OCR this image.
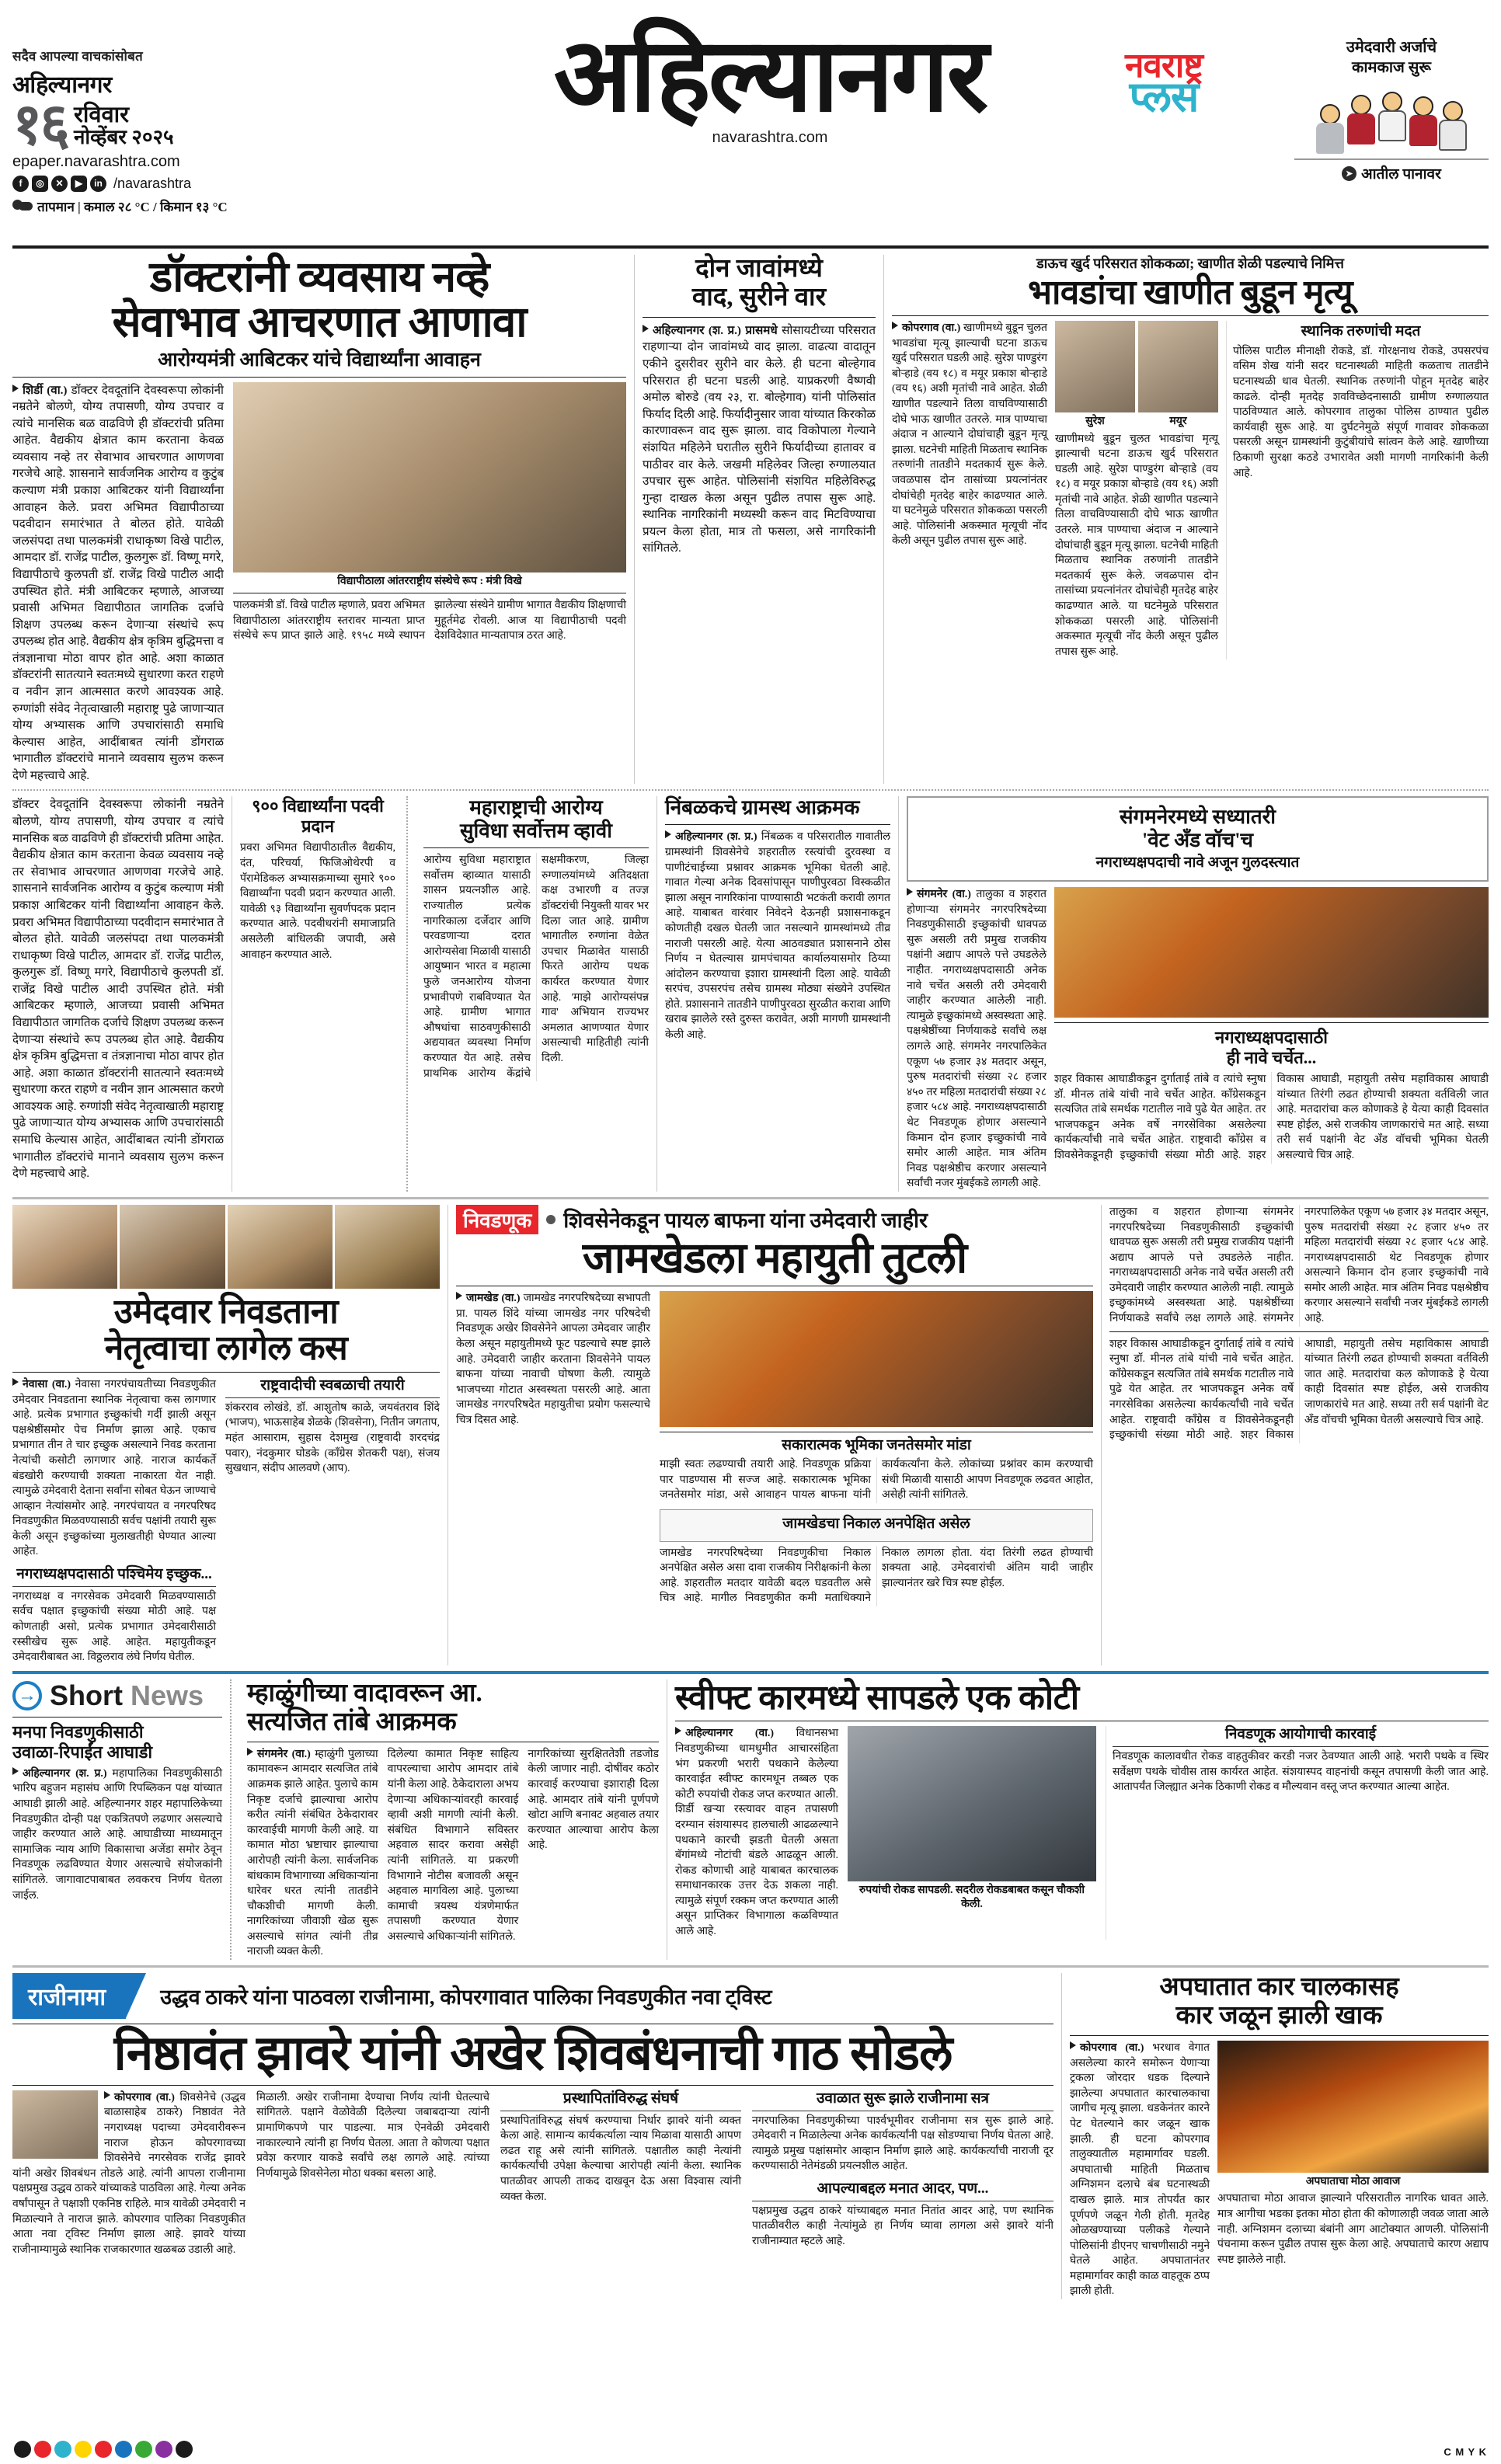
सदैव आपल्या वाचकांसोबत
अहिल्यानगर
१६ रविवार
नोव्हेंबर २०२५
epaper.navarashtra.com
f	◎	✕	▶	in /navarashtra
तापमान | कमाल २८ °C / किमान १३ °C
अहिल्यानगर	नवराष्ट्र
प्लस
navarashtra.com
उमेदवारी अर्जाचे
कामकाज सुरू
➤ आतील पानावर
डॉक्टरांनी व्यवसाय नव्हे
सेवाभाव आचरणात आणावा
आरोग्यमंत्री आबिटकर यांचे विद्यार्थ्यांना आवाहन
शिर्डी (वा.) डॉक्टर देवदूतांनि देवस्वरूपा लोकांनी नम्रतेने बोलणे, योग्य तपासणी, योग्य उपचार व त्यांचे मानसिक बळ वाढविणे ही डॉक्टरांची प्रतिमा आहेत. वैद्यकीय क्षेत्रात काम करताना केवळ व्यवसाय नव्हे तर सेवाभाव आचरणात आणणवा गरजेचे आहे. शासनाने सार्वजनिक आरोग्य व कुटुंब कल्याण मंत्री प्रकाश आबिटकर यांनी विद्यार्थ्यांना आवाहन केले. प्रवरा अभिमत विद्यापीठाच्या पदवीदान समारंभात ते बोलत होते. यावेळी जलसंपदा तथा पालकमंत्री राधाकृष्ण विखे पाटील, आमदार डॉ. राजेंद्र पाटील, कुलगुरू डॉ. विष्णू मगरे, विद्यापीठाचे कुलपती डॉ. राजेंद्र विखे पाटील आदी उपस्थित होते. मंत्री आबिटकर म्हणाले, आजच्या प्रवासी अभिमत विद्यापीठात जागतिक दर्जाचे शिक्षण उपलब्ध करून देणाऱ्या संस्थांचे रूप उपलब्ध होत आहे. वैद्यकीय क्षेत्र कृत्रिम बुद्धिमत्ता व तंत्रज्ञानाचा मोठा वापर होत आहे. अशा काळात डॉक्टरांनी सातत्याने स्वतःमध्ये सुधारणा करत राहणे व नवीन ज्ञान आत्मसात करणे आवश्यक आहे. रुग्णांशी संवेद नेतृत्वाखाली महाराष्ट्र पुढे जाणाऱ्यात योग्य अभ्यासक आणि उपचारांसाठी समाधि केल्यास आहेत, आदींबाबत त्यांनी डोंगराळ भागातील डॉक्टरांचे मानाने व्यवसाय सुलभ करून देणे महत्त्वाचे आहे.
विद्यापीठाला आंतरराष्ट्रीय संस्थेचे रूप : मंत्री विखे
पालकमंत्री डॉ. विखे पाटील म्हणाले, प्रवरा अभिमत विद्यापीठाला आंतरराष्ट्रीय स्तरावर मान्यता प्राप्त संस्थेचे रूप प्राप्त झाले आहे. १९५८ मध्ये स्थापन झालेल्या संस्थेने ग्रामीण भागात वैद्यकीय शिक्षणाची मुहूर्तमेढ रोवली. आज या विद्यापीठाची पदवी देशविदेशात मान्यतापात्र ठरत आहे.
दोन जावांमध्ये
वाद, सुरीने वार
अहिल्यानगर (श. प्र.) प्रासमधे सोसायटीच्या परिसरात राहणाऱ्या दोन जावांमध्ये वाद झाला. वाढत्या वादातून एकीने दुसरीवर सुरीने वार केले. ही घटना बोल्हेगाव परिसरात ही घटना घडली आहे. याप्रकरणी वैष्णवी अमोल बोरुडे (वय २३, रा. बोल्हेगाव) यांनी पोलिसांत फिर्याद दिली आहे. फिर्यादीनुसार जावा यांच्यात किरकोळ कारणावरून वाद सुरू झाला. वाद विकोपाला गेल्याने संशयित महिलेने घरातील सुरीने फिर्यादीच्या हातावर व पाठीवर वार केले. जखमी महिलेवर जिल्हा रुग्णालयात उपचार सुरू आहेत. पोलिसांनी संशयित महिलेविरुद्ध गुन्हा दाखल केला असून पुढील तपास सुरू आहे. स्थानिक नागरिकांनी मध्यस्थी करून वाद मिटविण्याचा प्रयत्न केला होता, मात्र तो फसला, असे नागरिकांनी सांगितले.
डाऊच खुर्द परिसरात शोककळा; खाणीत शेळी पडल्याचे निमित्त
भावडांचा खाणीत बुडून मृत्यू
कोपरगाव (वा.) खाणीमध्ये बुडून चुलत भावडांचा मृत्यू झाल्याची घटना डाऊच खुर्द परिसरात घडली आहे. सुरेश पाण्डुरंग बोऱ्हाडे (वय १८) व मयूर प्रकाश बोऱ्हाडे (वय १६) अशी मृतांची नावे आहेत. शेळी खाणीत पडल्याने तिला वाचविण्यासाठी दोघे भाऊ खाणीत उतरले. मात्र पाण्याचा अंदाज न आल्याने दोघांचाही बुडून मृत्यू झाला. घटनेची माहिती मिळताच स्थानिक तरुणांनी तातडीने मदतकार्य सुरू केले. जवळपास दोन तासांच्या प्रयत्नांनंतर दोघांचेही मृतदेह बाहेर काढण्यात आले. या घटनेमुळे परिसरात शोककळा पसरली आहे. पोलिसांनी अकस्मात मृत्यूची नोंद केली असून पुढील तपास सुरू आहे.
सुरेश	मयूर
खाणीमध्ये बुडून चुलत भावडांचा मृत्यू झाल्याची घटना डाऊच खुर्द परिसरात घडली आहे. सुरेश पाण्डुरंग बोऱ्हाडे (वय १८) व मयूर प्रकाश बोऱ्हाडे (वय १६) अशी मृतांची नावे आहेत. शेळी खाणीत पडल्याने तिला वाचविण्यासाठी दोघे भाऊ खाणीत उतरले. मात्र पाण्याचा अंदाज न आल्याने दोघांचाही बुडून मृत्यू झाला. घटनेची माहिती मिळताच स्थानिक तरुणांनी तातडीने मदतकार्य सुरू केले. जवळपास दोन तासांच्या प्रयत्नांनंतर दोघांचेही मृतदेह बाहेर काढण्यात आले. या घटनेमुळे परिसरात शोककळा पसरली आहे. पोलिसांनी अकस्मात मृत्यूची नोंद केली असून पुढील तपास सुरू आहे.
स्थानिक तरुणांची मदत
पोलिस पाटील मीनाक्षी रोकडे, डॉ. गोरक्षनाथ रोकडे, उपसरपंच वसिम शेख यांनी सदर घटनास्थळी माहिती कळताच तातडीने घटनास्थळी धाव घेतली. स्थानिक तरुणांनी पोहून मृतदेह बाहेर काढले. दोन्ही मृतदेह शवविच्छेदनासाठी ग्रामीण रुग्णालयात पाठविण्यात आले. कोपरगाव तालुका पोलिस ठाण्यात पुढील कार्यवाही सुरू आहे. या दुर्घटनेमुळे संपूर्ण गावावर शोककळा पसरली असून ग्रामस्थांनी कुटुंबीयांचे सांत्वन केले आहे. खाणीच्या ठिकाणी सुरक्षा कठडे उभारावेत अशी मागणी नागरिकांनी केली आहे.
डॉक्टर देवदूतांनि देवस्वरूपा लोकांनी नम्रतेने बोलणे, योग्य तपासणी, योग्य उपचार व त्यांचे मानसिक बळ वाढविणे ही डॉक्टरांची प्रतिमा आहेत. वैद्यकीय क्षेत्रात काम करताना केवळ व्यवसाय नव्हे तर सेवाभाव आचरणात आणणवा गरजेचे आहे. शासनाने सार्वजनिक आरोग्य व कुटुंब कल्याण मंत्री प्रकाश आबिटकर यांनी विद्यार्थ्यांना आवाहन केले. प्रवरा अभिमत विद्यापीठाच्या पदवीदान समारंभात ते बोलत होते. यावेळी जलसंपदा तथा पालकमंत्री राधाकृष्ण विखे पाटील, आमदार डॉ. राजेंद्र पाटील, कुलगुरू डॉ. विष्णू मगरे, विद्यापीठाचे कुलपती डॉ. राजेंद्र विखे पाटील आदी उपस्थित होते. मंत्री आबिटकर म्हणाले, आजच्या प्रवासी अभिमत विद्यापीठात जागतिक दर्जाचे शिक्षण उपलब्ध करून देणाऱ्या संस्थांचे रूप उपलब्ध होत आहे. वैद्यकीय क्षेत्र कृत्रिम बुद्धिमत्ता व तंत्रज्ञानाचा मोठा वापर होत आहे. अशा काळात डॉक्टरांनी सातत्याने स्वतःमध्ये सुधारणा करत राहणे व नवीन ज्ञान आत्मसात करणे आवश्यक आहे. रुग्णांशी संवेद नेतृत्वाखाली महाराष्ट्र पुढे जाणाऱ्यात योग्य अभ्यासक आणि उपचारांसाठी समाधि केल्यास आहेत, आदींबाबत त्यांनी डोंगराळ भागातील डॉक्टरांचे मानाने व्यवसाय सुलभ करून देणे महत्त्वाचे आहे.
९०० विद्यार्थ्यांना पदवी प्रदान
प्रवरा अभिमत विद्यापीठातील वैद्यकीय, दंत, परिचर्या, फिजिओथेरपी व पॅरामेडिकल अभ्यासक्रमाच्या सुमारे ९०० विद्यार्थ्यांना पदवी प्रदान करण्यात आली. यावेळी ९३ विद्यार्थ्यांना सुवर्णपदक प्रदान करण्यात आले. पदवीधरांनी समाजाप्रति असलेली बांधिलकी जपावी, असे आवाहन करण्यात आले.
महाराष्ट्राची आरोग्य
सुविधा सर्वोत्तम व्हावी
आरोग्य सुविधा महाराष्ट्रात सर्वोत्तम व्हाव्यात यासाठी शासन प्रयत्नशील आहे. राज्यातील प्रत्येक नागरिकाला दर्जेदार आणि परवडणाऱ्या दरात आरोग्यसेवा मिळावी यासाठी आयुष्मान भारत व महात्मा फुले जनआरोग्य योजना प्रभावीपणे राबविण्यात येत आहे. ग्रामीण भागात औषधांचा साठवणुकीसाठी अद्ययावत व्यवस्था निर्माण करण्यात येत आहे. तसेच प्राथमिक आरोग्य केंद्रांचे सक्षमीकरण, जिल्हा रुग्णालयांमध्ये अतिदक्षता कक्ष उभारणी व तज्ज्ञ डॉक्टरांची नियुक्ती यावर भर दिला जात आहे. ग्रामीण भागातील रुग्णांना वेळेत उपचार मिळावेत यासाठी फिरते आरोग्य पथक कार्यरत करण्यात येणार आहे. 'माझे आरोग्यसंपन्न गाव' अभियान राज्यभर अमलात आणण्यात येणार असल्याची माहितीही त्यांनी दिली.
निंबळकचे ग्रामस्थ आक्रमक
अहिल्यानगर (श. प्र.) निंबळक व परिसरातील गावातील ग्रामस्थांनी शिवसेनेचे शहरातील रस्त्यांची दुरवस्था व पाणीटंचाईच्या प्रश्नावर आक्रमक भूमिका घेतली आहे. गावात गेल्या अनेक दिवसांपासून पाणीपुरवठा विस्कळीत झाला असून नागरिकांना पाण्यासाठी भटकंती करावी लागत आहे. याबाबत वारंवार निवेदने देऊनही प्रशासनाकडून कोणतीही दखल घेतली जात नसल्याने ग्रामस्थांमध्ये तीव्र नाराजी पसरली आहे. येत्या आठवड्यात प्रशासनाने ठोस निर्णय न घेतल्यास ग्रामपंचायत कार्यालयासमोर ठिय्या आंदोलन करण्याचा इशारा ग्रामस्थांनी दिला आहे. यावेळी सरपंच, उपसरपंच तसेच ग्रामस्थ मोठ्या संख्येने उपस्थित होते. प्रशासनाने तातडीने पाणीपुरवठा सुरळीत करावा आणि खराब झालेले रस्ते दुरुस्त करावेत, अशी मागणी ग्रामस्थांनी केली आहे.
संगमनेरमध्ये सध्यातरी
'वेट अँड वॉच'च
नगराध्यक्षपदाची नावे अजून गुलदस्त्यात
संगमनेर (वा.) तालुका व शहरात होणाऱ्या संगमनेर नगरपरिषदेच्या निवडणुकीसाठी इच्छुकांची धावपळ सुरू असली तरी प्रमुख राजकीय पक्षांनी अद्याप आपले पत्ते उघडलेले नाहीत. नगराध्यक्षपदासाठी अनेक नावे चर्चेत असली तरी उमेदवारी जाहीर करण्यात आलेली नाही. त्यामुळे इच्छुकांमध्ये अस्वस्थता आहे. पक्षश्रेष्ठींच्या निर्णयाकडे सर्वांचे लक्ष लागले आहे. संगमनेर नगरपालिकेत एकूण ५७ हजार ३४ मतदार असून, पुरुष मतदारांची संख्या २८ हजार ४५० तर महिला मतदारांची संख्या २८ हजार ५८४ आहे. नगराध्यक्षपदासाठी थेट निवडणूक होणार असल्याने किमान दोन हजार इच्छुकांची नावे समोर आली आहेत. मात्र अंतिम निवड पक्षश्रेष्ठीच करणार असल्याने सर्वांची नजर मुंबईकडे लागली आहे.
नगराध्यक्षपदासाठी
ही नावे चर्चेत...
शहर विकास आघाडीकडून दुर्गाताई तांबे व त्यांचे स्नुषा डॉ. मीनल तांबे यांची नावे चर्चेत आहेत. काँग्रेसकडून सत्यजित तांबे समर्थक गटातील नावे पुढे येत आहेत. तर भाजपकडून अनेक वर्षे नगरसेविका असलेल्या कार्यकर्त्यांची नावे चर्चेत आहेत. राष्ट्रवादी काँग्रेस व शिवसेनेकडूनही इच्छुकांची संख्या मोठी आहे. शहर विकास आघाडी, महायुती तसेच महाविकास आघाडी यांच्यात तिरंगी लढत होण्याची शक्यता वर्तविली जात आहे. मतदारांचा कल कोणाकडे हे येत्या काही दिवसांत स्पष्ट होईल, असे राजकीय जाणकारांचे मत आहे. सध्या तरी सर्व पक्षांनी वेट अँड वॉचची भूमिका घेतली असल्याचे चित्र आहे.
उमेदवार निवडताना
नेतृत्वाचा लागेल कस
नेवासा (वा.) नेवासा नगरपंचायतीच्या निवडणुकीत उमेदवार निवडताना स्थानिक नेतृत्वाचा कस लागणार आहे. प्रत्येक प्रभागात इच्छुकांची गर्दी झाली असून पक्षश्रेष्ठींसमोर पेच निर्माण झाला आहे. एकाच प्रभागात तीन ते चार इच्छुक असल्याने निवड करताना नेत्यांची कसोटी लागणार आहे. नाराज कार्यकर्ते बंडखोरी करण्याची शक्यता नाकारता येत नाही. त्यामुळे उमेदवारी देताना सर्वांना सोबत घेऊन जाण्याचे आव्हान नेत्यांसमोर आहे. नगरपंचायत व नगरपरिषद निवडणुकीत मिळवण्यासाठी सर्वच पक्षांनी तयारी सुरू केली असून इच्छुकांच्या मुलाखतीही घेण्यात आल्या आहेत.
नगराध्यक्षपदासाठी पश्चिमेय इच्छुक...
नगराध्यक्ष व नगरसेवक उमेदवारी मिळवण्यासाठी सर्वच पक्षात इच्छुकांची संख्या मोठी आहे. पक्ष कोणताही असो, प्रत्येक प्रभागात उमेदवारीसाठी रस्सीखेच सुरू आहे. आहेत. महायुतीकडून उमेदवारीबाबत आ. विठ्ठलराव लंघे निर्णय घेतील.
राष्ट्रवादीची स्वबळाची तयारी
शंकरराव लोखंडे, डॉ. आशुतोष काळे, जयवंतराव शिंदे (भाजप), भाऊसाहेब शेळके (शिवसेना), नितीन जगताप, महंत आसाराम, सुहास देशमुख (राष्ट्रवादी शरदचंद्र पवार), नंदकुमार घोडके (काँग्रेस शेतकरी पक्ष), संजय सुखधान, संदीप आलवणे (आप).
निवडणूक	शिवसेनेकडून पायल बाफना यांना उमेदवारी जाहीर
जामखेडला महायुती तुटली
जामखेड (वा.) जामखेड नगरपरिषदेच्या सभापती प्रा. पायल शिंदे यांच्या जामखेड नगर परिषदेची निवडणूक अखेर शिवसेनेने आपला उमेदवार जाहीर केला असून महायुतीमध्ये फूट पडल्याचे स्पष्ट झाले आहे. उमेदवारी जाहीर करताना शिवसेनेने पायल बाफना यांच्या नावाची घोषणा केली. त्यामुळे भाजपच्या गोटात अस्वस्थता पसरली आहे. आता जामखेड नगरपरिषदेत महायुतीचा प्रयोग फसल्याचे चित्र दिसत आहे.
सकारात्मक भूमिका जनतेसमोर मांडा
माझी स्वतः लढण्याची तयारी आहे. निवडणूक प्रक्रिया पार पाडण्यास मी सज्ज आहे. सकारात्मक भूमिका जनतेसमोर मांडा, असे आवाहन पायल बाफना यांनी कार्यकर्त्यांना केले. लोकांच्या प्रश्नांवर काम करण्याची संधी मिळावी यासाठी आपण निवडणूक लढवत आहोत, असेही त्यांनी सांगितले.
जामखेडचा निकाल अनपेक्षित असेल
जामखेड नगरपरिषदेच्या निवडणुकीचा निकाल अनपेक्षित असेल असा दावा राजकीय निरीक्षकांनी केला आहे. शहरातील मतदार यावेळी बदल घडवतील असे चित्र आहे. मागील निवडणुकीत कमी मताधिक्याने निकाल लागला होता. यंदा तिरंगी लढत होण्याची शक्यता आहे. उमेदवारांची अंतिम यादी जाहीर झाल्यानंतर खरे चित्र स्पष्ट होईल.
तालुका व शहरात होणाऱ्या संगमनेर नगरपरिषदेच्या निवडणुकीसाठी इच्छुकांची धावपळ सुरू असली तरी प्रमुख राजकीय पक्षांनी अद्याप आपले पत्ते उघडलेले नाहीत. नगराध्यक्षपदासाठी अनेक नावे चर्चेत असली तरी उमेदवारी जाहीर करण्यात आलेली नाही. त्यामुळे इच्छुकांमध्ये अस्वस्थता आहे. पक्षश्रेष्ठींच्या निर्णयाकडे सर्वांचे लक्ष लागले आहे. संगमनेर नगरपालिकेत एकूण ५७ हजार ३४ मतदार असून, पुरुष मतदारांची संख्या २८ हजार ४५० तर महिला मतदारांची संख्या २८ हजार ५८४ आहे. नगराध्यक्षपदासाठी थेट निवडणूक होणार असल्याने किमान दोन हजार इच्छुकांची नावे समोर आली आहेत. मात्र अंतिम निवड पक्षश्रेष्ठीच करणार असल्याने सर्वांची नजर मुंबईकडे लागली आहे.
शहर विकास आघाडीकडून दुर्गाताई तांबे व त्यांचे स्नुषा डॉ. मीनल तांबे यांची नावे चर्चेत आहेत. काँग्रेसकडून सत्यजित तांबे समर्थक गटातील नावे पुढे येत आहेत. तर भाजपकडून अनेक वर्षे नगरसेविका असलेल्या कार्यकर्त्यांची नावे चर्चेत आहेत. राष्ट्रवादी काँग्रेस व शिवसेनेकडूनही इच्छुकांची संख्या मोठी आहे. शहर विकास आघाडी, महायुती तसेच महाविकास आघाडी यांच्यात तिरंगी लढत होण्याची शक्यता वर्तविली जात आहे. मतदारांचा कल कोणाकडे हे येत्या काही दिवसांत स्पष्ट होईल, असे राजकीय जाणकारांचे मत आहे. सध्या तरी सर्व पक्षांनी वेट अँड वॉचची भूमिका घेतली असल्याचे चित्र आहे.
→ Short News
मनपा निवडणुकीसाठी
उवाळा-रिपाईंत आघाडी
अहिल्यानगर (श. प्र.) महापालिका निवडणुकीसाठी भारिप बहुजन महासंघ आणि रिपब्लिकन पक्ष यांच्यात आघाडी झाली आहे. अहिल्यानगर शहर महापालिकेच्या निवडणुकीत दोन्ही पक्ष एकत्रितपणे लढणार असल्याचे जाहीर करण्यात आले आहे. आघाडीच्या माध्यमातून सामाजिक न्याय आणि विकासाचा अजेंडा समोर ठेवून निवडणूक लढविण्यात येणार असल्याचे संयोजकांनी सांगितले. जागावाटपाबाबत लवकरच निर्णय घेतला जाईल.
म्हाळुंगीच्या वादावरून आ.
सत्यजित तांबे आक्रमक
संगमनेर (वा.) म्हाळुंगी पुलाच्या कामावरून आमदार सत्यजित तांबे आक्रमक झाले आहेत. पुलाचे काम निकृष्ट दर्जाचे झाल्याचा आरोप करीत त्यांनी संबंधित ठेकेदारावर कारवाईची मागणी केली आहे. या कामात मोठा भ्रष्टाचार झाल्याचा आरोपही त्यांनी केला. सार्वजनिक बांधकाम विभागाच्या अधिकाऱ्यांना धारेवर धरत त्यांनी तातडीने चौकशीची मागणी केली. नागरिकांच्या जीवाशी खेळ सुरू असल्याचे सांगत त्यांनी तीव्र नाराजी व्यक्त केली.
दिलेल्या कामात निकृष्ट साहित्य वापरल्याचा आरोप आमदार तांबे यांनी केला आहे. ठेकेदाराला अभय देणाऱ्या अधिकाऱ्यांवरही कारवाई व्हावी अशी मागणी त्यांनी केली. संबंधित विभागाने सविस्तर अहवाल सादर करावा असेही त्यांनी सांगितले. या प्रकरणी विभागाने नोटीस बजावली असून अहवाल मागविला आहे. पुलाच्या कामाची त्रयस्थ यंत्रणेमार्फत तपासणी करण्यात येणार असल्याचे अधिकाऱ्यांनी सांगितले.
नागरिकांच्या सुरक्षिततेशी तडजोड केली जाणार नाही. दोषींवर कठोर कारवाई करण्याचा इशाराही दिला आहे. आमदार तांबे यांनी पूर्णपणे खोटा आणि बनावट अहवाल तयार करण्यात आल्याचा आरोप केला आहे.
स्वीफ्ट कारमध्ये सापडले एक कोटी
अहिल्यानगर (वा.) विधानसभा निवडणुकीच्या धामधुमीत आचारसंहिता भंग प्रकरणी भरारी पथकाने केलेल्या कारवाईत स्वीफ्ट कारमधून तब्बल एक कोटी रुपयांची रोकड जप्त करण्यात आली. शिर्डी खऱ्या रस्त्यावर वाहन तपासणी दरम्यान संशयास्पद हालचाली आढळल्याने पथकाने कारची झडती घेतली असता बॅगांमध्ये नोटांची बंडले आढळून आली. रोकड कोणाची आहे याबाबत कारचालक समाधानकारक उत्तर देऊ शकला नाही. त्यामुळे संपूर्ण रक्कम जप्त करण्यात आली असून प्राप्तिकर विभागाला कळविण्यात आले आहे.
रुपयांची रोकड सापडली. सदरील रोकडबाबत कसून चौकशी केली.
निवडणूक आयोगाची कारवाई
निवडणूक कालावधीत रोकड वाहतुकीवर करडी नजर ठेवण्यात आली आहे. भरारी पथके व स्थिर सर्वेक्षण पथके चोवीस तास कार्यरत आहेत. संशयास्पद वाहनांची कसून तपासणी केली जात आहे. आतापर्यंत जिल्ह्यात अनेक ठिकाणी रोकड व मौल्यवान वस्तू जप्त करण्यात आल्या आहेत.
राजीनामा	उद्धव ठाकरे यांना पाठवला राजीनामा, कोपरगावात पालिका निवडणुकीत नवा ट्विस्ट
निष्ठावंत झावरे यांनी अखेर शिवबंधनाची गाठ सोडले
कोपरगाव (वा.) शिवसेनेचे (उद्धव बाळासाहेब ठाकरे) निष्ठावंत नेते नगराध्यक्ष पदाच्या उमेदवारीवरून नाराज होऊन कोपरगावच्या शिवसेनेचे नगरसेवक राजेंद्र झावरे यांनी अखेर शिवबंधन तोडले आहे. त्यांनी आपला राजीनामा पक्षप्रमुख उद्धव ठाकरे यांच्याकडे पाठविला आहे. गेल्या अनेक वर्षांपासून ते पक्षाशी एकनिष्ठ राहिले. मात्र यावेळी उमेदवारी न मिळाल्याने ते नाराज झाले. कोपरगाव पालिका निवडणुकीत आता नवा ट्विस्ट निर्माण झाला आहे. झावरे यांच्या राजीनाम्यामुळे स्थानिक राजकारणात खळबळ उडाली आहे.
मिळाली. अखेर राजीनामा देण्याचा निर्णय त्यांनी घेतल्याचे सांगितले. पक्षाने वेळोवेळी दिलेल्या जबाबदाऱ्या त्यांनी प्रामाणिकपणे पार पाडल्या. मात्र ऐनवेळी उमेदवारी नाकारल्याने त्यांनी हा निर्णय घेतला. आता ते कोणत्या पक्षात प्रवेश करणार याकडे सर्वांचे लक्ष लागले आहे. त्यांच्या निर्णयामुळे शिवसेनेला मोठा धक्का बसला आहे.
प्रस्थापितांविरुद्ध संघर्ष
प्रस्थापितांविरुद्ध संघर्ष करण्याचा निर्धार झावरे यांनी व्यक्त केला आहे. सामान्य कार्यकर्त्याला न्याय मिळावा यासाठी आपण लढत राहू असे त्यांनी सांगितले. पक्षातील काही नेत्यांनी कार्यकर्त्यांची उपेक्षा केल्याचा आरोपही त्यांनी केला. स्थानिक पातळीवर आपली ताकद दाखवून देऊ असा विश्वास त्यांनी व्यक्त केला.
उवाळात सुरू झाले राजीनामा सत्र
नगरपालिका निवडणुकीच्या पार्श्वभूमीवर राजीनामा सत्र सुरू झाले आहे. उमेदवारी न मिळालेल्या अनेक कार्यकर्त्यांनी पक्ष सोडण्याचा निर्णय घेतला आहे. त्यामुळे प्रमुख पक्षांसमोर आव्हान निर्माण झाले आहे. कार्यकर्त्यांची नाराजी दूर करण्यासाठी नेतेमंडळी प्रयत्नशील आहेत.
आपल्याबद्दल मनात आदर, पण...
पक्षप्रमुख उद्धव ठाकरे यांच्याबद्दल मनात नितांत आदर आहे, पण स्थानिक पातळीवरील काही नेत्यांमुळे हा निर्णय घ्यावा लागला असे झावरे यांनी राजीनाम्यात म्हटले आहे.
अपघातात कार चालकासह
कार जळून झाली खाक
कोपरगाव (वा.) भरधाव वेगात असलेल्या कारने समोरून येणाऱ्या ट्रकला जोरदार धडक दिल्याने झालेल्या अपघातात कारचालकाचा जागीच मृत्यू झाला. धडकेनंतर कारने पेट घेतल्याने कार जळून खाक झाली. ही घटना कोपरगाव तालुक्यातील महामार्गावर घडली. अपघाताची माहिती मिळताच अग्निशमन दलाचे बंब घटनास्थळी दाखल झाले. मात्र तोपर्यंत कार पूर्णपणे जळून गेली होती. मृतदेह ओळखण्याच्या पलीकडे गेल्याने पोलिसांनी डीएनए चाचणीसाठी नमुने घेतले आहेत. अपघातानंतर महामार्गावर काही काळ वाहतूक ठप्प झाली होती.
अपघाताचा मोठा आवाज
अपघाताचा मोठा आवाज झाल्याने परिसरातील नागरिक धावत आले. मात्र आगीचा भडका इतका मोठा होता की कोणालाही जवळ जाता आले नाही. अग्निशमन दलाच्या बंबांनी आग आटोक्यात आणली. पोलिसांनी पंचनामा करून पुढील तपास सुरू केला आहे. अपघाताचे कारण अद्याप स्पष्ट झालेले नाही.
C M Y K
